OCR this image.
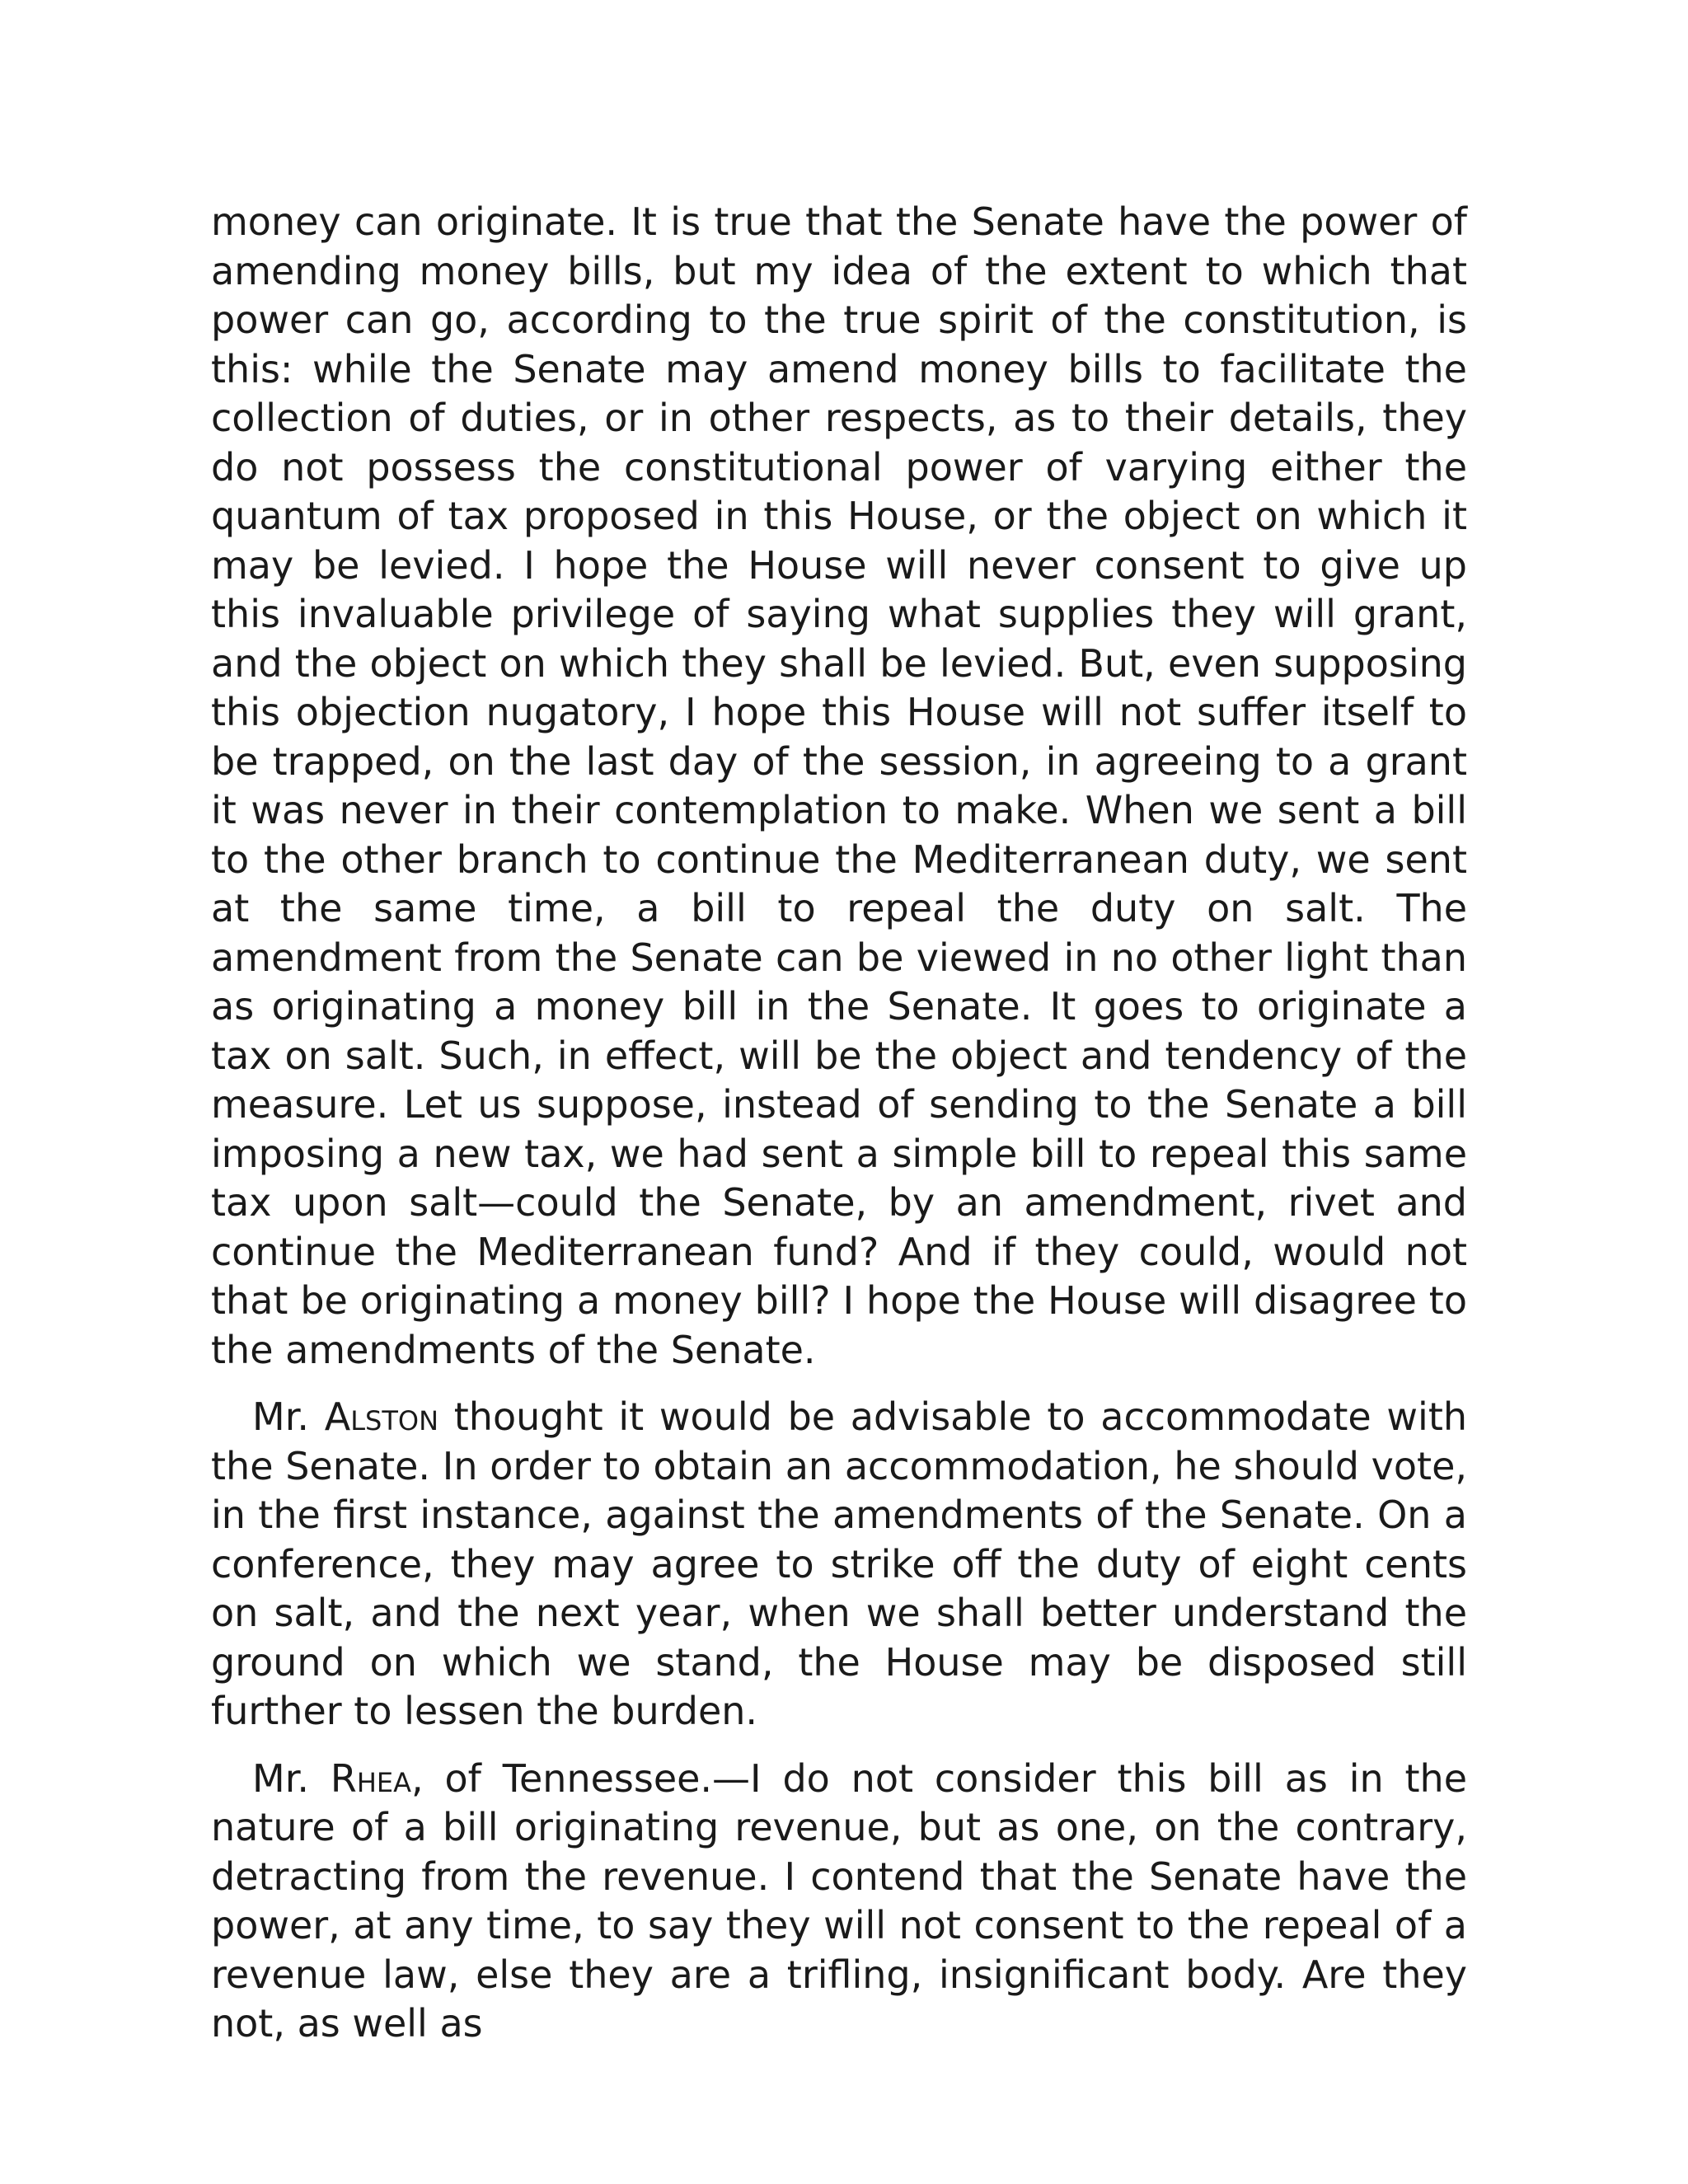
money can originate. It is true that the Senate have the power of amending money bills, but my idea of the extent to which that power can go, according to the true spirit of the constitution, is this: while the Senate may amend money bills to facilitate the collection of duties, or in other respects, as to their details, they do not possess the constitutional power of varying either the quantum of tax proposed in this House, or the object on which it may be levied. I hope the House will never consent to give up this invaluable privilege of saying what supplies they will grant, and the object on which they shall be levied. But, even supposing this objection nugatory, I hope this House will not suffer itself to be trapped, on the last day of the session, in agreeing to a grant it was never in their contemplation to make. When we sent a bill to the other branch to continue the Mediterranean duty, we sent at the same time, a bill to repeal the duty on salt. The amendment from the Senate can be viewed in no other light than as originating a money bill in the Senate. It goes to originate a tax on salt. Such, in effect, will be the object and tendency of the measure. Let us suppose, instead of sending to the Senate a bill imposing a new tax, we had sent a simple bill to repeal this same tax upon salt—could the Senate, by an amendment, rivet and continue the Mediterranean fund? And if they could, would not that be originating a money bill? I hope the House will disagree to the amendments of the Senate.

Mr. Alston thought it would be advisable to accommodate with the Senate. In order to obtain an accommodation, he should vote, in the first instance, against the amendments of the Senate. On a conference, they may agree to strike off the duty of eight cents on salt, and the next year, when we shall better understand the ground on which we stand, the House may be disposed still further to lessen the burden.

Mr. Rhea, of Tennessee.—I do not consider this bill as in the nature of a bill originating revenue, but as one, on the contrary, detracting from the revenue. I contend that the Senate have the power, at any time, to say they will not consent to the repeal of a revenue law, else they are a trifling, insignificant body. Are they not, as well as
